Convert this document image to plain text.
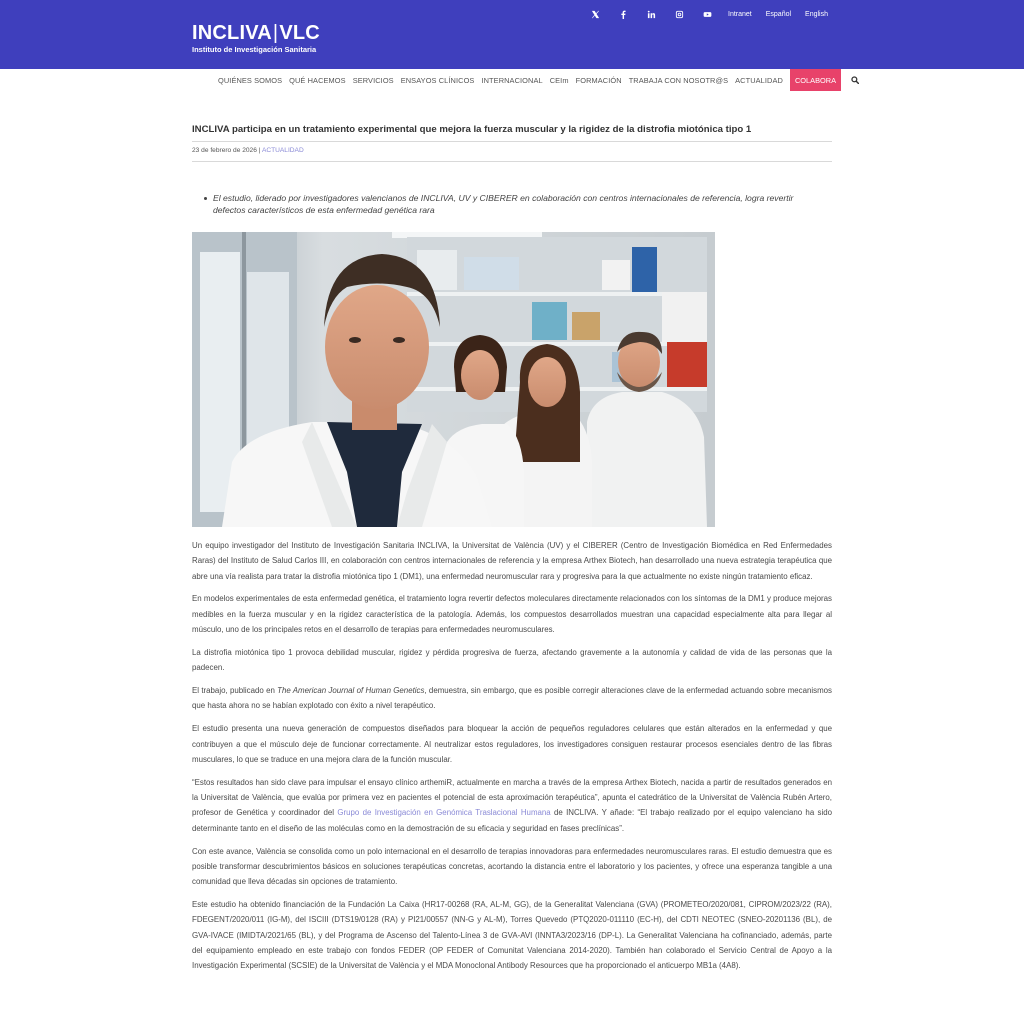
INCLIVA|VLC
Instituto de Investigación Sanitaria
Intranet Español English
QUIÉNES SOMOS QUÉ HACEMOS SERVICIOS ENSAYOS CLÍNICOS INTERNACIONAL CEIm FORMACIÓN TRABAJA CON NOSOTR@S ACTUALIDAD	COLABORA
INCLIVA participa en un tratamiento experimental que mejora la fuerza muscular y la rigidez de la distrofia miotónica tipo 1
23 de febrero de 2026 | ACTUALIDAD
El estudio, liderado por investigadores valencianos de INCLIVA, UV y CIBERER en colaboración con centros internacionales de referencia, logra revertir defectos característicos de esta enfermedad genética rara

Un equipo investigador del Instituto de Investigación Sanitaria INCLIVA, la Universitat de València (UV) y el CIBERER (Centro de Investigación Biomédica en Red Enfermedades Raras) del Instituto de Salud Carlos III, en colaboración con centros internacionales de referencia y la empresa Arthex Biotech, han desarrollado una nueva estrategia terapéutica que abre una vía realista para tratar la distrofia miotónica tipo 1 (DM1), una enfermedad neuromuscular rara y progresiva para la que actualmente no existe ningún tratamiento eficaz.

En modelos experimentales de esta enfermedad genética, el tratamiento logra revertir defectos moleculares directamente relacionados con los síntomas de la DM1 y produce mejoras medibles en la fuerza muscular y en la rigidez característica de la patología. Además, los compuestos desarrollados muestran una capacidad especialmente alta para llegar al músculo, uno de los principales retos en el desarrollo de terapias para enfermedades neuromusculares.

La distrofia miotónica tipo 1 provoca debilidad muscular, rigidez y pérdida progresiva de fuerza, afectando gravemente a la autonomía y calidad de vida de las personas que la padecen.

El trabajo, publicado en The American Journal of Human Genetics, demuestra, sin embargo, que es posible corregir alteraciones clave de la enfermedad actuando sobre mecanismos que hasta ahora no se habían explotado con éxito a nivel terapéutico.

El estudio presenta una nueva generación de compuestos diseñados para bloquear la acción de pequeños reguladores celulares que están alterados en la enfermedad y que contribuyen a que el músculo deje de funcionar correctamente. Al neutralizar estos reguladores, los investigadores consiguen restaurar procesos esenciales dentro de las fibras musculares, lo que se traduce en una mejora clara de la función muscular.

“Estos resultados han sido clave para impulsar el ensayo clínico arthemiR, actualmente en marcha a través de la empresa Arthex Biotech, nacida a partir de resultados generados en la Universitat de València, que evalúa por primera vez en pacientes el potencial de esta aproximación terapéutica”, apunta el catedrático de la Universitat de València Rubén Artero, profesor de Genética y coordinador del Grupo de Investigación en Genómica Traslacional Humana de INCLIVA. Y añade: “El trabajo realizado por el equipo valenciano ha sido determinante tanto en el diseño de las moléculas como en la demostración de su eficacia y seguridad en fases preclínicas”.

Con este avance, València se consolida como un polo internacional en el desarrollo de terapias innovadoras para enfermedades neuromusculares raras. El estudio demuestra que es posible transformar descubrimientos básicos en soluciones terapéuticas concretas, acortando la distancia entre el laboratorio y los pacientes, y ofrece una esperanza tangible a una comunidad que lleva décadas sin opciones de tratamiento.

Este estudio ha obtenido financiación de la Fundación La Caixa (HR17-00268 (RA, AL-M, GG), de la Generalitat Valenciana (GVA) (PROMETEO/2020/081, CIPROM/2023/22 (RA), FDEGENT/2020/011 (IG-M), del ISCIII (DTS19/0128 (RA) y PI21/00557 (NN-G y AL-M), Torres Quevedo (PTQ2020-011110 (EC-H), del CDTI NEOTEC (SNEO-20201136 (BL), de GVA-IVACE (IMIDTA/2021/65 (BL), y del Programa de Ascenso del Talento-Línea 3 de GVA-AVI (INNTA3/2023/16 (DP-L). La Generalitat Valenciana ha cofinanciado, además, parte del equipamiento empleado en este trabajo con fondos FEDER (OP FEDER of Comunitat Valenciana 2014-2020). También han colaborado el Servicio Central de Apoyo a la Investigación Experimental (SCSIE) de la Universitat de València y el MDA Monoclonal Antibody Resources que ha proporcionado el anticuerpo MB1a (4A8).
